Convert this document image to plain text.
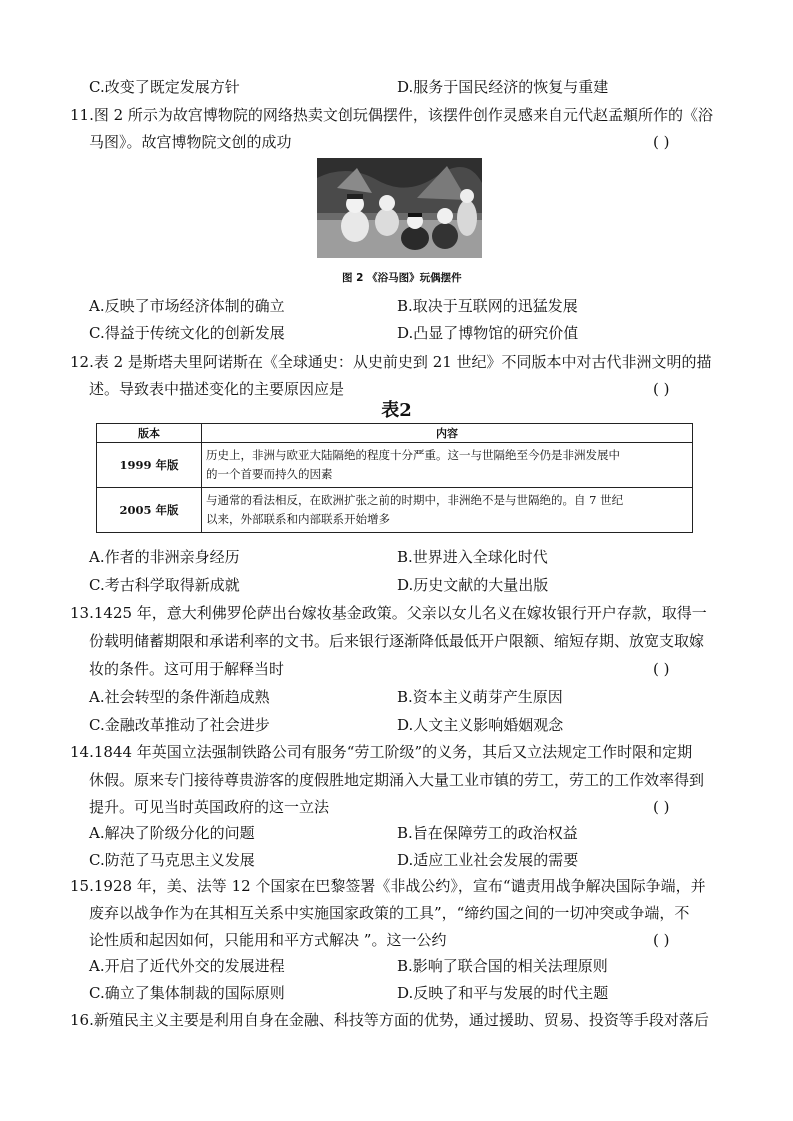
C.改变了既定发展方针	D.服务于国民经济的恢复与重建
11.图 2 所示为故宫博物院的网络热卖文创玩偶摆件，该摆件创作灵感来自元代赵孟頫所作的《浴
马图》。故宫博物院文创的成功	( )
图 2 《浴马图》玩偶摆件
A.反映了市场经济体制的确立	B.取决于互联网的迅猛发展
C.得益于传统文化的创新发展	D.凸显了博物馆的研究价值
12.表 2 是斯塔夫里阿诺斯在《全球通史：从史前史到 21 世纪》不同版本中对古代非洲文明的描
述。导致表中描述变化的主要原因应是	( )
表2
版本	内容
1999 年版	历史上，非洲与欧亚大陆隔绝的程度十分严重。这一与世隔绝至今仍是非洲发展中
的一个首要而持久的因素

2005 年版	与通常的看法相反，在欧洲扩张之前的时期中，非洲绝不是与世隔绝的。自 7 世纪
以来，外部联系和内部联系开始增多
A.作者的非洲亲身经历	B.世界进入全球化时代
C.考古科学取得新成就	D.历史文献的大量出版
13.1425 年，意大利佛罗伦萨出台嫁妆基金政策。父亲以女儿名义在嫁妆银行开户存款，取得一
份载明储蓄期限和承诺利率的文书。后来银行逐渐降低最低开户限额、缩短存期、放宽支取嫁
妆的条件。这可用于解释当时	( )
A.社会转型的条件渐趋成熟	B.资本主义萌芽产生原因
C.金融改革推动了社会进步	D.人文主义影响婚姻观念
14.1844 年英国立法强制铁路公司有服务“劳工阶级”的义务，其后又立法规定工作时限和定期
休假。原来专门接待尊贵游客的度假胜地定期涌入大量工业市镇的劳工，劳工的工作效率得到
提升。可见当时英国政府的这一立法	( )
A.解决了阶级分化的问题	B.旨在保障劳工的政治权益
C.防范了马克思主义发展	D.适应工业社会发展的需要
15.1928 年，美、法等 12 个国家在巴黎签署《非战公约》，宣布“谴责用战争解决国际争端，并
废弃以战争作为在其相互关系中实施国家政策的工具”，“缔约国之间的一切冲突或争端，不
论性质和起因如何，只能用和平方式解决 ”。这一公约	( )
A.开启了近代外交的发展进程	B.影响了联合国的相关法理原则
C.确立了集体制裁的国际原则	D.反映了和平与发展的时代主题
16.新殖民主义主要是利用自身在金融、科技等方面的优势，通过援助、贸易、投资等手段对落后
